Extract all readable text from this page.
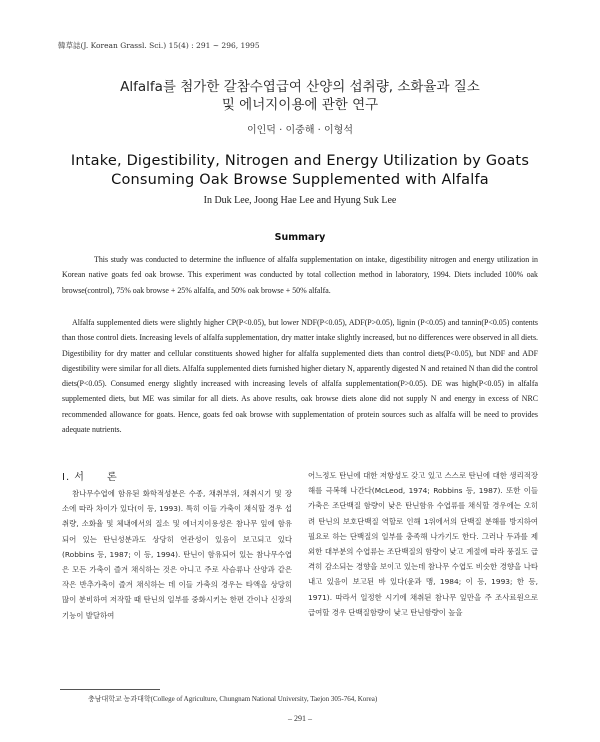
韓草誌(J. Korean Grassl. Sci.) 15(4) : 291 ~ 296, 1995
Alfalfa를 첨가한 갈참수엽급여 산양의 섭취량, 소화율과 질소
및 에너지이용에 관한 연구
이인덕 · 이중해 · 이형석
Intake, Digestibility, Nitrogen and Energy Utilization by Goats
Consuming Oak Browse Supplemented with Alfalfa
In Duk Lee, Joong Hae Lee and Hyung Suk Lee
Summary

This study was conducted to determine the influence of alfalfa supplementation on intake, digestibility nitrogen and energy utilization in Korean native goats fed oak browse. This experiment was conducted by total collection method in laboratory, 1994. Diets included 100% oak browse(control), 75% oak browse + 25% alfalfa, and 50% oak browse + 50% alfalfa.

Alfalfa supplemented diets were slightly higher CP(P<0.05), but lower NDF(P<0.05), ADF(P>0.05), lignin (P<0.05) and tannin(P<0.05) contents than those control diets. Increasing levels of alfalfa supplementation, dry matter intake slightly increased, but no differences were observed in all diets. Digestibility for dry matter and cellular constituents showed higher for alfalfa supplemented diets than control diets(P<0.05), but NDF and ADF digestibility were similar for all diets. Alfalfa supplemented diets furnished higher dietary N, apparently digested N and retained N than did the control diets(P<0.05). Consumed energy slightly increased with increasing levels of alfalfa supplementation(P>0.05). DE was high(P<0.05) in alfalfa supplemented diets, but ME was similar for all diets. As above results, oak browse diets alone did not supply N and energy in excess of NRC recommended allowance for goats. Hence, goats fed oak browse with supplementation of protein sources such as alfalfa will be need to provides adequate nutrients.

I. 서　　론

참나무수엽에 함유된 화학적성분은 수종, 채취부위, 채취시기 및 장소에 따라 차이가 있다(이 등, 1993). 특히 이들 가축이 채식할 경우 섭취량, 소화율 및 체내에서의 질소 및 에너지이용성은 참나무 잎에 함유되어 있는 탄닌성분과도 상당히 연관성이 있음이 보고되고 있다(Robbins 등, 1987; 이 등, 1994). 탄닌이 함유되어 있는 참나무수엽은 모든 가축이 즐겨 채식하는 것은 아니고 주로 사슴류나 산양과 같은 작은 반추가축이 즐겨 채식하는 데 이들 가축의 경우는 타액을 상당히 많이 분비하여 저작할 때 탄닌의 일부를 중화시키는 한편 간이나 신장의 기능이 발달하여

어느정도 탄닌에 대한 저항성도 갖고 있고 스스로 탄닌에 대한 생리적장해를 극복해 나간다(McLeod, 1974; Robbins 등, 1987). 또한 이들 가축은 조단백질 함량이 낮은 탄닌함유 수엽류를 채식할 경우에는 오히려 탄닌의 보호단백질 역할로 인해 1위에서의 단백질 분해를 방지하여 필요로 하는 단백질의 일부를 충족해 나가기도 한다. 그러나 두과를 제외한 대부분의 수엽류는 조단백질의 함량이 낮고 계절에 따라 풍질도 급격히 감소되는 경향을 보이고 있는데 참나무 수엽도 비슷한 경향을 나타내고 있음이 보고된 바 있다(윤과 맹, 1984; 이 등, 1993; 한 등, 1971). 따라서 일정한 시기에 채취된 참나무 잎만을 주 조사료원으로 급여할 경우 단백질함량이 낮고 탄닌함량이 높을

충남대학교 농과대학(College of Agriculture, Chungnam National University, Taejon 305-764, Korea)
– 291 –
